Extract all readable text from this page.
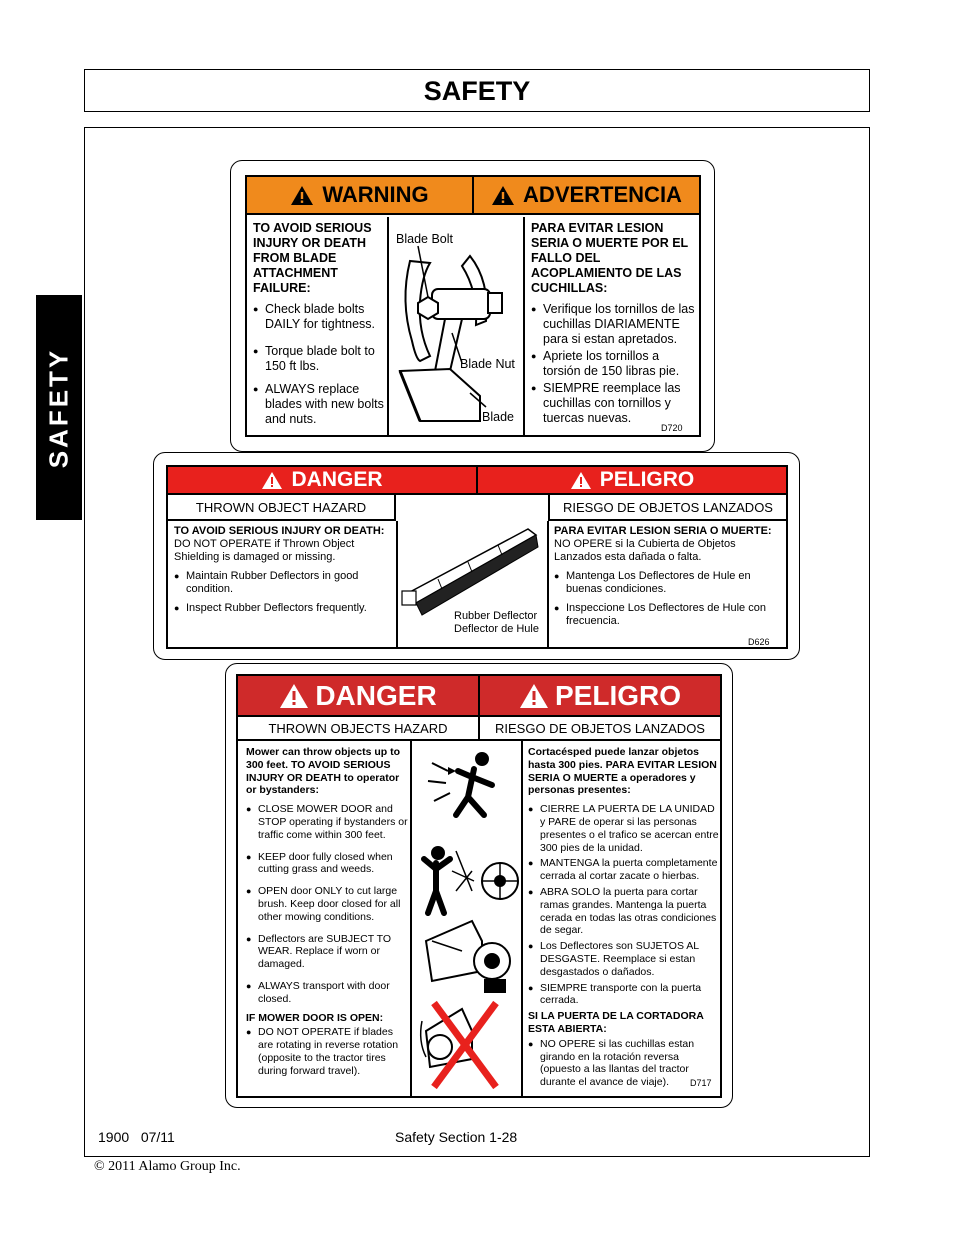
SAFETY
SAFETY
WARNING	ADVERTENCIA
TO AVOID SERIOUS INJURY OR DEATH FROM BLADE ATTACHMENT FAILURE:
● Check blade bolts DAILY for tightness.
● Torque blade bolt to 150 ft lbs.
● ALWAYS replace blades with new bolts and nuts.
Blade Bolt
Blade Nut
Blade
PARA EVITAR LESION SERIA O MUERTE POR EL FALLO DEL ACOPLAMIENTO DE LAS CUCHILLAS:
● Verifique los tornillos de las cuchillas DIARIAMENTE para si estan apretados.
● Apriete los tornillos a torsión de 150 libras pie.
● SIEMPRE reemplace las cuchillas con tornillos y tuercas nuevas.
D720
DANGER	PELIGRO
THROWN OBJECT HAZARD	RIESGO DE OBJETOS LANZADOS
TO AVOID SERIOUS INJURY OR DEATH:
DO NOT OPERATE if Thrown Object Shielding is damaged or missing.
● Maintain Rubber Deflectors in good condition.
● Inspect Rubber Deflectors frequently.
Rubber Deflector
Deflector de Hule
PARA EVITAR LESION SERIA O MUERTE:
NO OPERE si la Cubierta de Objetos Lanzados esta dañada o falta.
● Mantenga Los Deflectores de Hule en buenas condiciones.
● Inspeccione Los Deflectores de Hule con frecuencia.
D626
DANGER	PELIGRO
THROWN OBJECTS HAZARD	RIESGO DE OBJETOS LANZADOS
Mower can throw objects up to 300 feet. TO AVOID SERIOUS INJURY OR DEATH to operator or bystanders:
● CLOSE MOWER DOOR and STOP operating if bystanders or traffic come within 300 feet.
● KEEP door fully closed when cutting grass and weeds.
● OPEN door ONLY to cut large brush. Keep door closed for all other mowing conditions.
● Deflectors are SUBJECT TO WEAR. Replace if worn or damaged.
● ALWAYS transport with door closed.
IF MOWER DOOR IS OPEN:
● DO NOT OPERATE if blades are rotating in reverse rotation (opposite to the tractor tires during forward travel).
Cortacésped puede lanzar objetos hasta 300 pies. PARA EVITAR LESION SERIA O MUERTE a operadores y personas presentes:
● CIERRE LA PUERTA DE LA UNIDAD y PARE de operar si las personas presentes o el trafico se acercan entre 300 pies de la unidad.
● MANTENGA la puerta completamente cerrada al cortar zacate o hierbas.
● ABRA SOLO la puerta para cortar ramas grandes. Mantenga la puerta cerada en todas las otras condiciones de segar.
● Los Deflectores son SUJETOS AL DESGASTE. Reemplace si estan desgastados o dañados.
● SIEMPRE transporte con la puerta cerrada.
SI LA PUERTA DE LA CORTADORA ESTA ABIERTA:
● NO OPERE si las cuchillas estan girando en la rotación reversa (opuesto a las llantas del tractor durante el avance de viaje).	D717
1900   07/11	Safety Section 1-28
© 2011 Alamo Group Inc.
